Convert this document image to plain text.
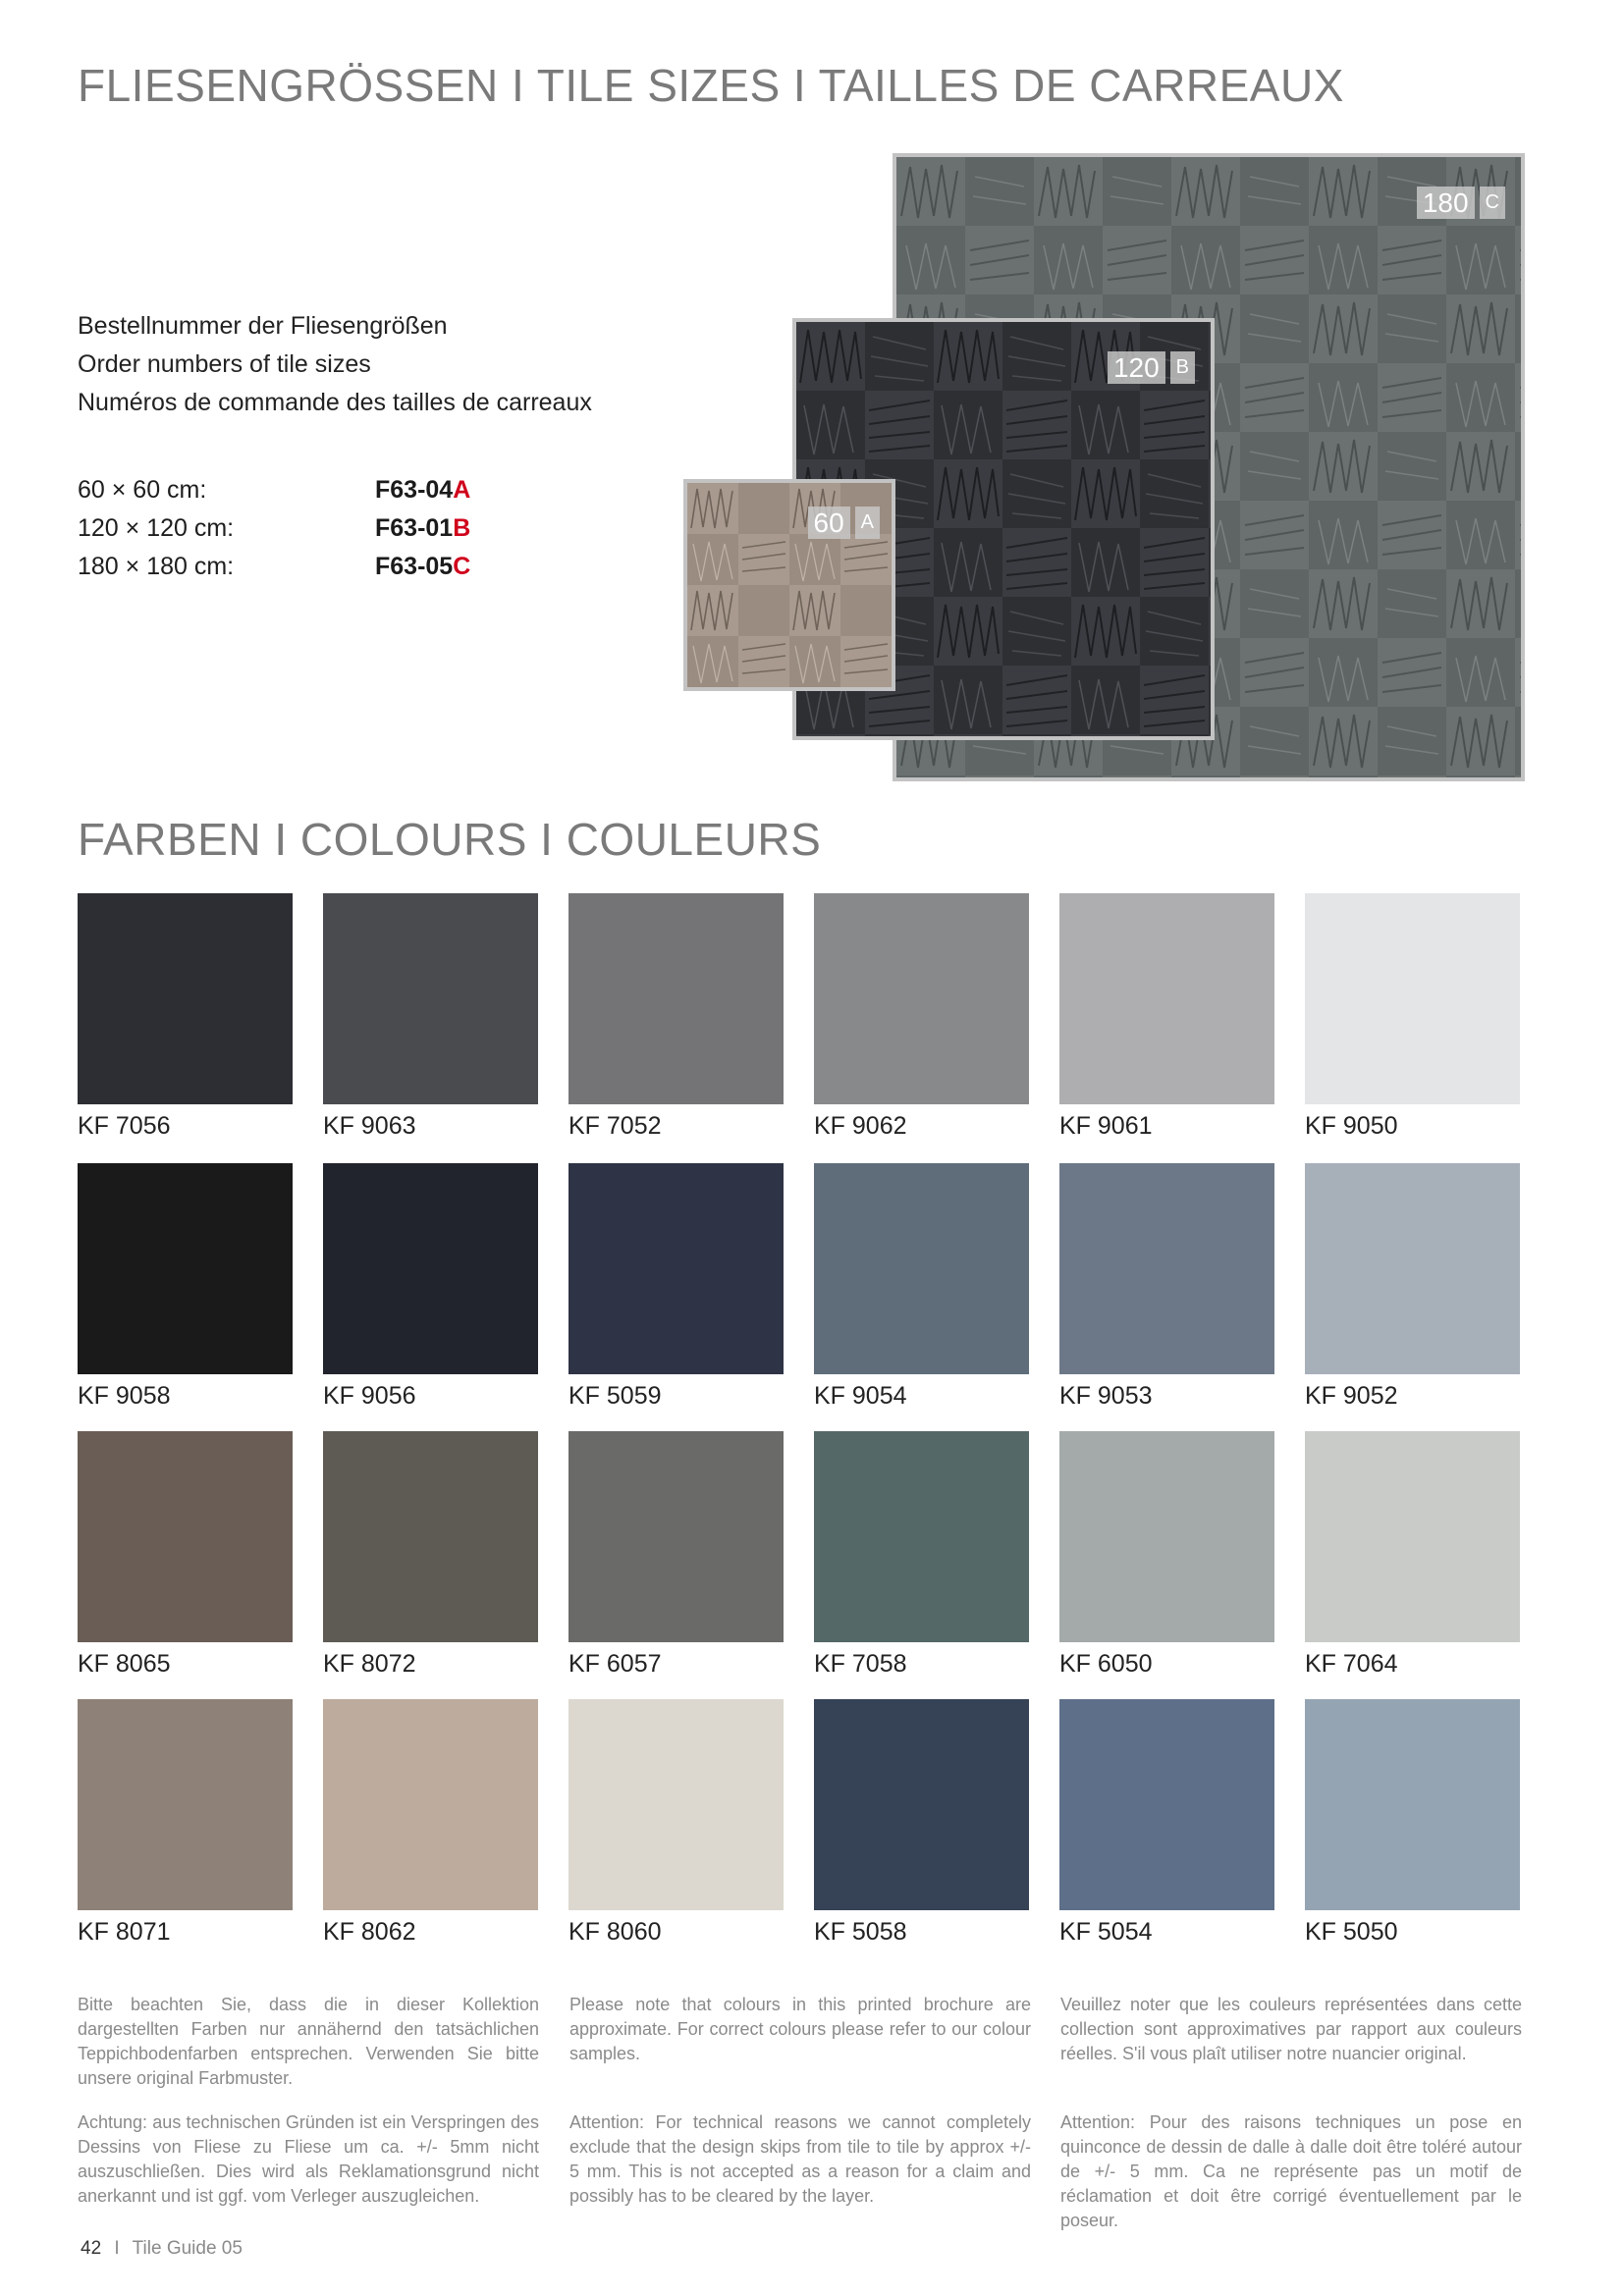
FLIESENGRÖSSEN I TILE SIZES I TAILLES DE CARREAUX
Bestellnummer der Fliesengrößen
Order numbers of tile sizes
Numéros de commande des tailles de carreaux
60 × 60 cm:	F63-04A
120 × 120 cm:	F63-01B
180 × 180 cm:	F63-05C
180 C
120 B
60 A
FARBEN I COLOURS I COULEURS
KF 7056	KF 9063	KF 7052	KF 9062	KF 9061	KF 9050
KF 9058	KF 9056	KF 5059	KF 9054	KF 9053	KF 9052
KF 8065	KF 8072	KF 6057	KF 7058	KF 6050	KF 7064
KF 8071	KF 8062	KF 8060	KF 5058	KF 5054	KF 5050
Bitte beachten Sie, dass die in dieser Kollektion dargestellten Farben nur annähernd den tatsächlichen Teppichbodenfarben entsprechen. Verwenden Sie bitte unsere original Farbmuster.
Achtung: aus technischen Gründen ist ein Verspringen des Dessins von Fliese zu Fliese um ca. +/- 5mm nicht auszuschließen. Dies wird als Reklamationsgrund nicht anerkannt und ist ggf. vom Verleger auszugleichen.
Please note that colours in this printed brochure are approximate. For correct colours please refer to our colour samples.
Attention: For technical reasons we cannot completely exclude that the design skips from tile to tile by approx +/- 5 mm. This is not accepted as a reason for a claim and possibly has to be cleared by the layer.
Veuillez noter que les couleurs représentées dans cette collection sont approximatives par rapport aux couleurs réelles. S'il vous plaît utiliser notre nuancier original.
Attention: Pour des raisons techniques un pose en quinconce de dessin de dalle à dalle doit être toléré autour de +/- 5 mm. Ca ne représente pas un motif de réclamation et doit être corrigé éventuellement par le poseur.
42 I Tile Guide 05
